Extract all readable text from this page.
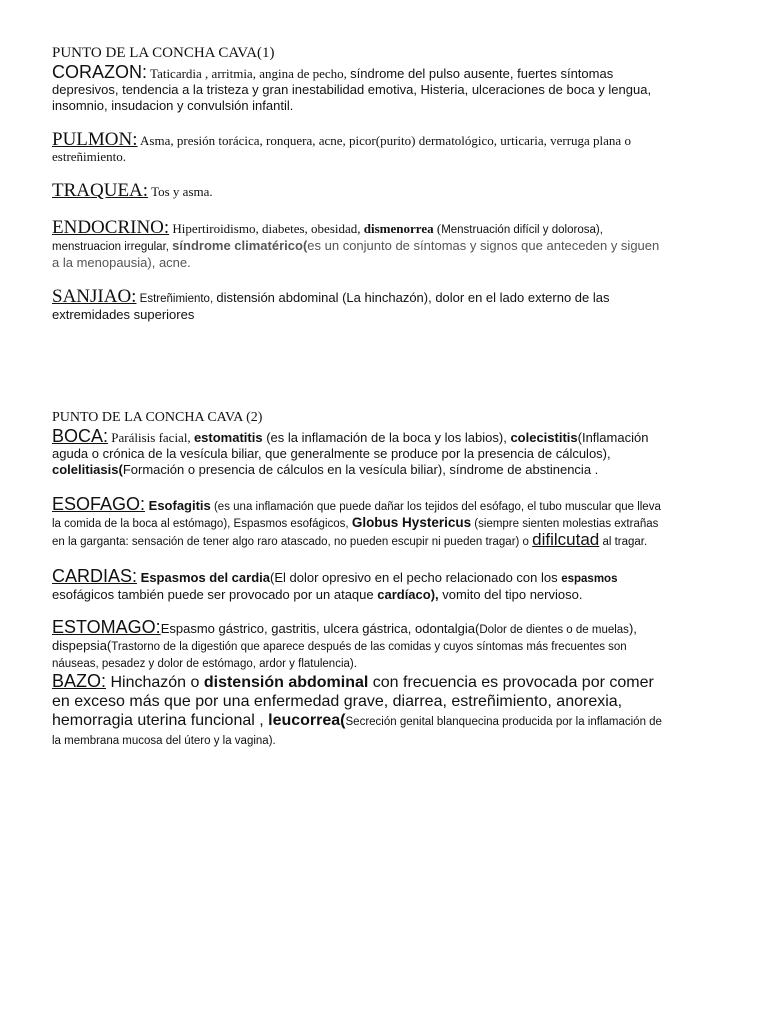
PUNTO DE LA CONCHA CAVA(1)

CORAZON: Taticardia , arritmia, angina de pecho, síndrome del pulso ausente, fuertes síntomas depresivos, tendencia a la tristeza y gran inestabilidad emotiva, Histeria, ulceraciones de boca y lengua, insomnio, insudacion y convulsión infantil.

PULMON: Asma, presión torácica, ronquera, acne, picor(purito) dermatológico, urticaria, verruga plana o estreñimiento.

TRAQUEA: Tos y asma.

ENDOCRINO: Hipertiroidismo, diabetes, obesidad, dismenorrea (Menstruación difícil y dolorosa), menstruacion irregular, síndrome climatérico(es un conjunto de síntomas y signos que anteceden y siguen a la menopausia), acne.

SANJIAO: Estreñimiento, distensión abdominal (La hinchazón), dolor en el lado externo de las extremidades superiores

PUNTO DE LA CONCHA CAVA (2)

BOCA: Parálisis facial, estomatitis (es la inflamación de la boca y los labios), colecistitis(Inflamación aguda o crónica de la vesícula biliar, que generalmente se produce por la presencia de cálculos), colelitiasis(Formación o presencia de cálculos en la vesícula biliar), síndrome de abstinencia .

ESOFAGO: Esofagitis (es una inflamación que puede dañar los tejidos del esófago, el tubo muscular que lleva la comida de la boca al estómago), Espasmos esofágicos, Globus Hystericus (siempre sienten molestias extrañas en la garganta: sensación de tener algo raro atascado, no pueden escupir ni pueden tragar) o difilcutad al tragar.

CARDIAS: Espasmos del cardia(El dolor opresivo en el pecho relacionado con los espasmos esofágicos también puede ser provocado por un ataque cardíaco), vomito del tipo nervioso.

ESTOMAGO:Espasmo gástrico, gastritis, ulcera gástrica, odontalgia(Dolor de dientes o de muelas), dispepsia(Trastorno de la digestión que aparece después de las comidas y cuyos síntomas más frecuentes son náuseas, pesadez y dolor de estómago, ardor y flatulencia).

BAZO: Hinchazón o distensión abdominal con frecuencia es provocada por comer en exceso más que por una enfermedad grave, diarrea, estreñimiento, anorexia, hemorragia uterina funcional , leucorrea(Secreción genital blanquecina producida por la inflamación de la membrana mucosa del útero y la vagina).
